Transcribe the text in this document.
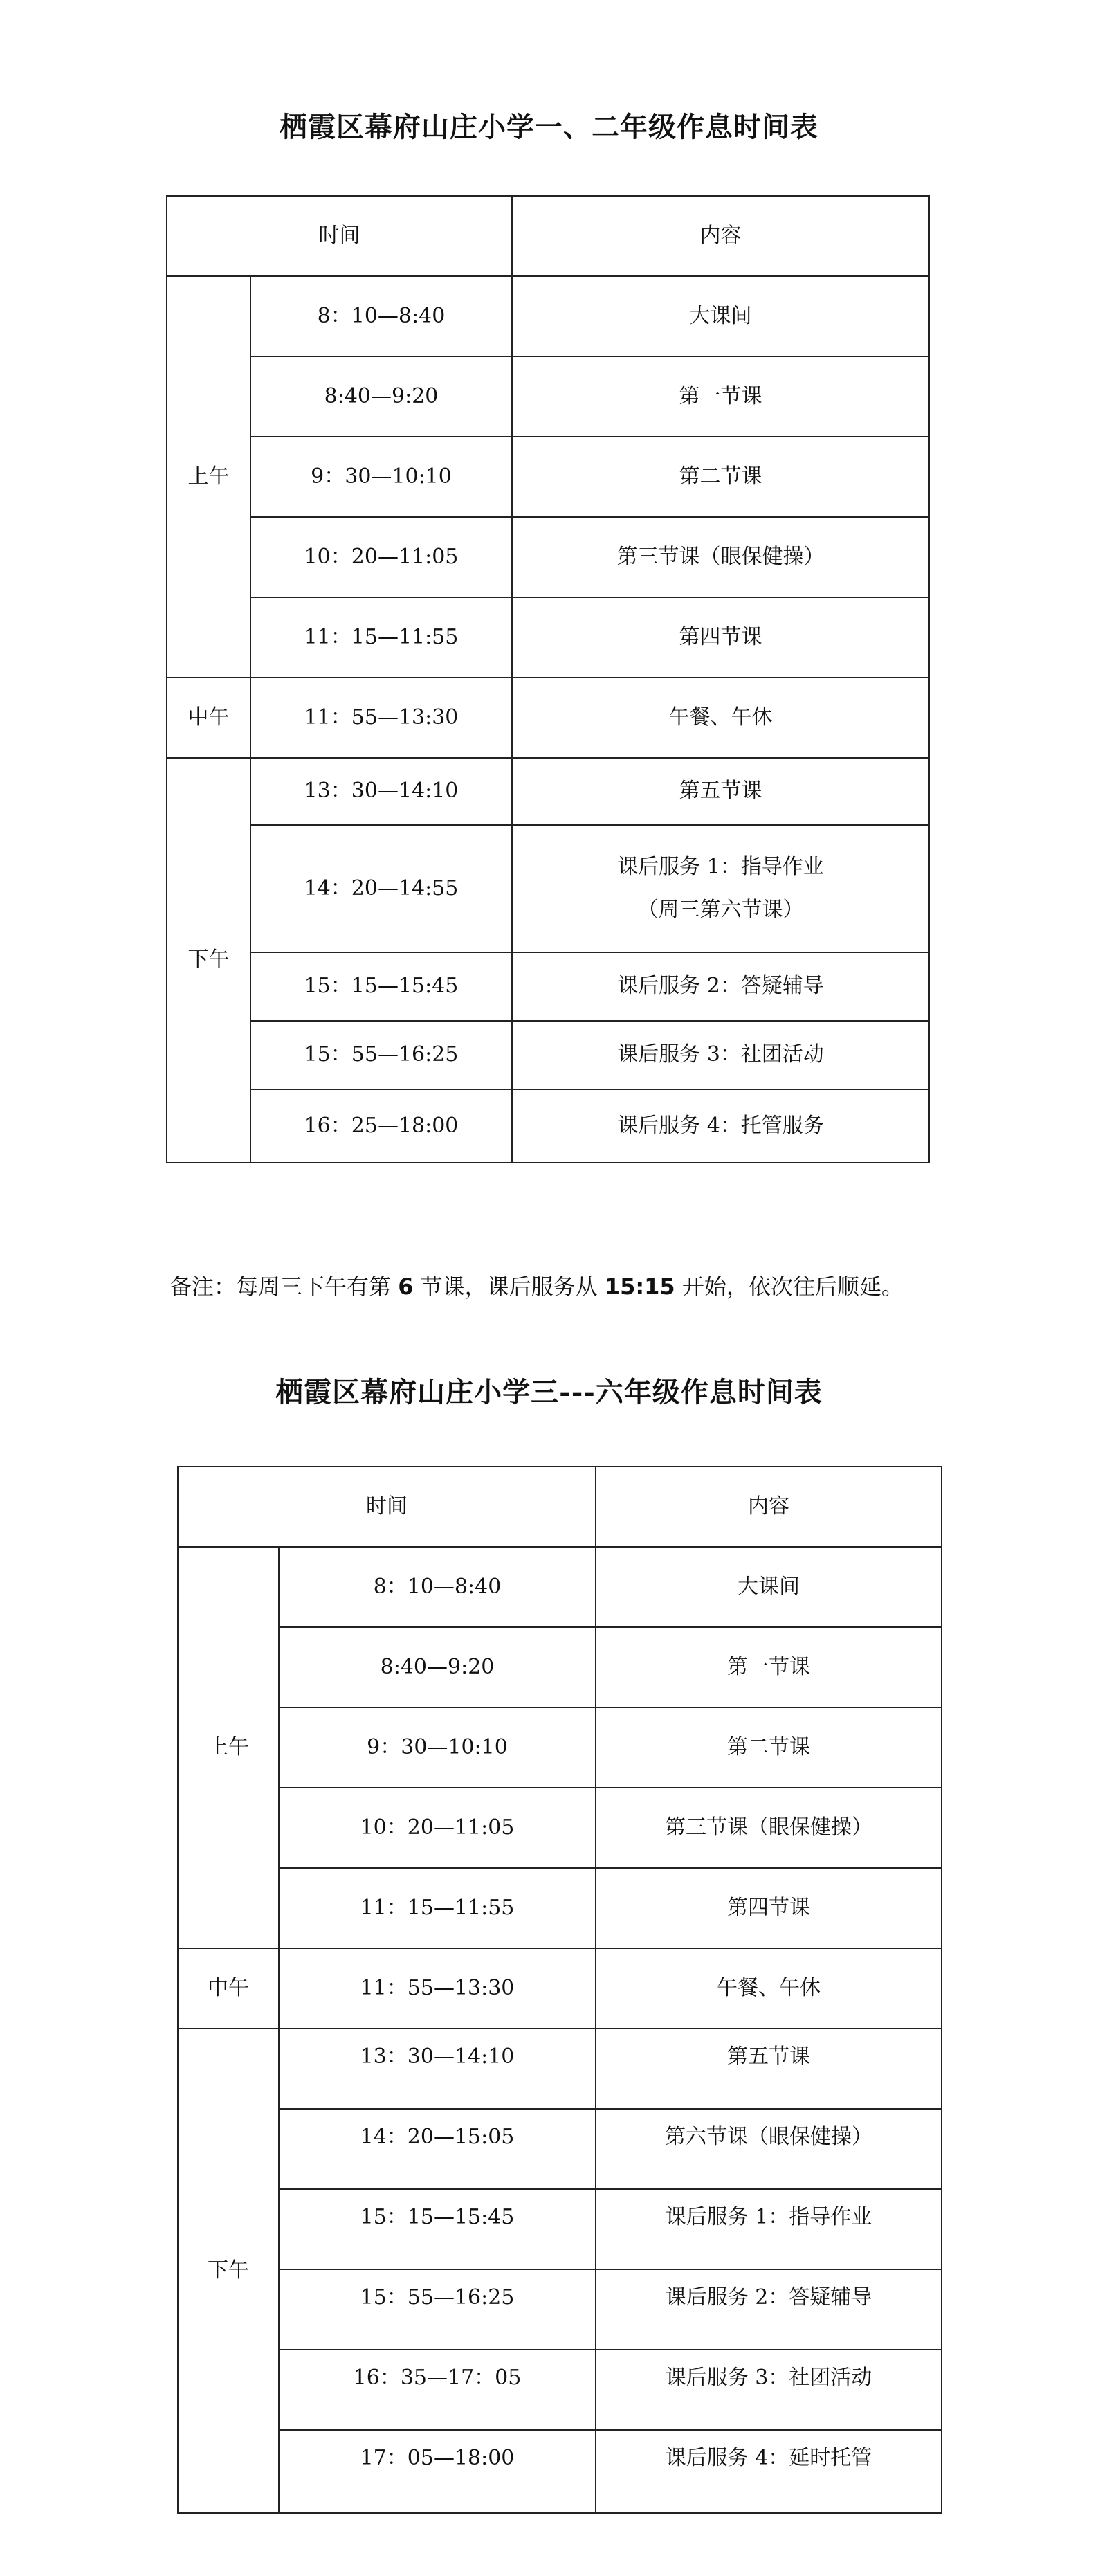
栖霞区幕府山庄小学一、二年级作息时间表
时间		内容
上午	8：10—8:40	大课间
	8:40—9:20	第一节课
	9：30—10:10	第二节课
	10：20—11:05	第三节课（眼保健操）
	11：15—11:55	第四节课
中午	11：55—13:30	午餐、午休
下午	13：30—14:10	第五节课
	14：20—14:55	课后服务 1：指导作业
（周三第六节课）

	15：15—15:45	课后服务 2：答疑辅导
	15：55—16:25	课后服务 3：社团活动
	16：25—18:00	课后服务 4：托管服务
备注：每周三下午有第 6 节课，课后服务从 15:15 开始，依次往后顺延。
栖霞区幕府山庄小学三---六年级作息时间表
时间		内容
上午	8：10—8:40	大课间
	8:40—9:20	第一节课
	9：30—10:10	第二节课
	10：20—11:05	第三节课（眼保健操）
	11：15—11:55	第四节课
中午	11：55—13:30	午餐、午休
下午	13：30—14:10	第五节课
	14：20—15:05	第六节课（眼保健操）
	15：15—15:45	课后服务 1：指导作业
	15：55—16:25	课后服务 2：答疑辅导
	16：35—17：05	课后服务 3：社团活动
	17：05—18:00	课后服务 4：延时托管
